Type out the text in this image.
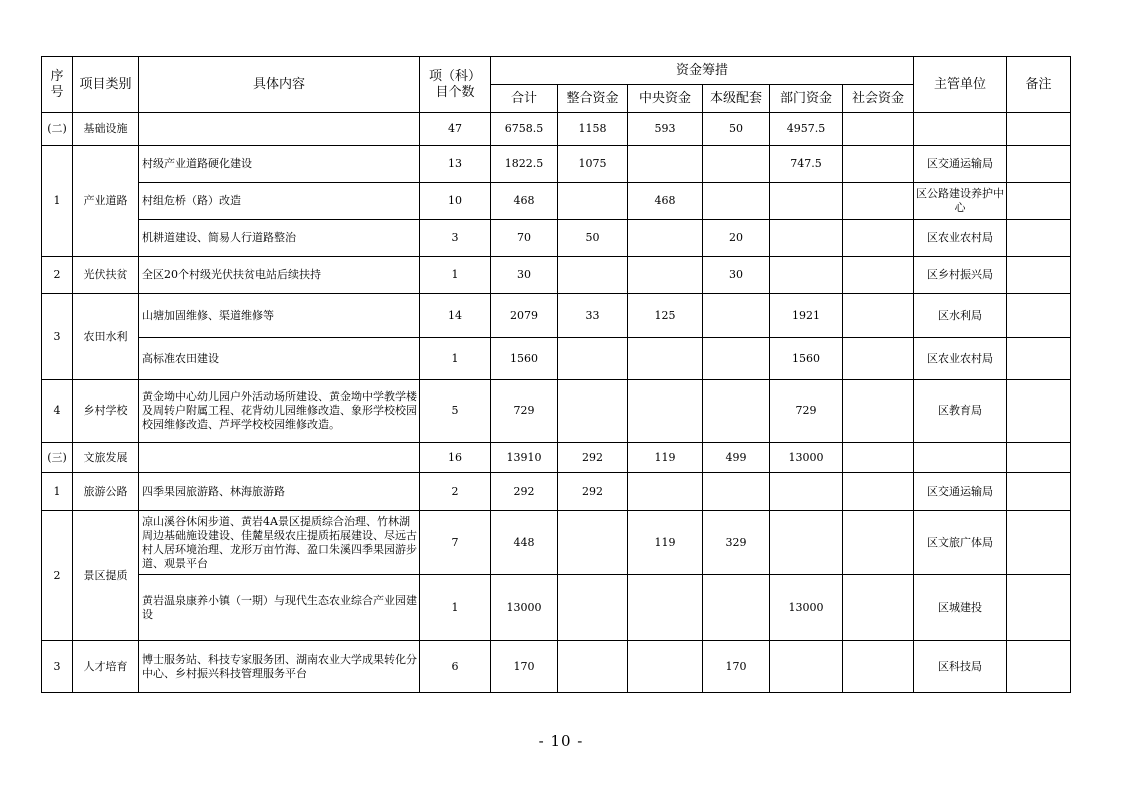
序号	项目类别	具体内容	项（科）目个数	资金筹措						主管单位	备注
				合计	整合资金	中央资金	本级配套	部门资金	社会资金		
(二)	基础设施		47	6758.5	1158	593	50	4957.5			
1	产业道路	村级产业道路硬化建设	13	1822.5	1075			747.5		区交通运输局	
		村组危桥（路）改造	10	468		468				区公路建设养护中心	
		机耕道建设、简易人行道路整治	3	70	50		20			区农业农村局	
2	光伏扶贫	全区20个村级光伏扶贫电站后续扶持	1	30			30			区乡村振兴局	
3	农田水利	山塘加固维修、渠道维修等	14	2079	33	125		1921		区水利局	
		高标准农田建设	1	1560				1560		区农业农村局	
4	乡村学校	黄金坳中心幼儿园户外活动场所建设、黄金坳中学教学楼及周转户附属工程、花背幼儿园维修改造、象形学校校园校园维修改造、芦坪学校校园维修改造。	5	729				729		区教育局	
(三)	文旅发展		16	13910	292	119	499	13000			
1	旅游公路	四季果园旅游路、林海旅游路	2	292	292					区交通运输局	
2	景区提质	凉山溪谷休闲步道、黄岩4A景区提质综合治理、竹林湖周边基础施设建设、佳麓星级农庄提质拓展建设、尽远古村人居环境治理、龙形万亩竹海、盈口朱溪四季果园游步道、观景平台	7	448		119	329			区文旅广体局	
		黄岩温泉康养小镇（一期）与现代生态农业综合产业园建设	1	13000				13000		区城建投	
3	人才培育	博士服务站、科技专家服务团、湖南农业大学成果转化分中心、乡村振兴科技管理服务平台	6	170			170			区科技局	
- 10 -
